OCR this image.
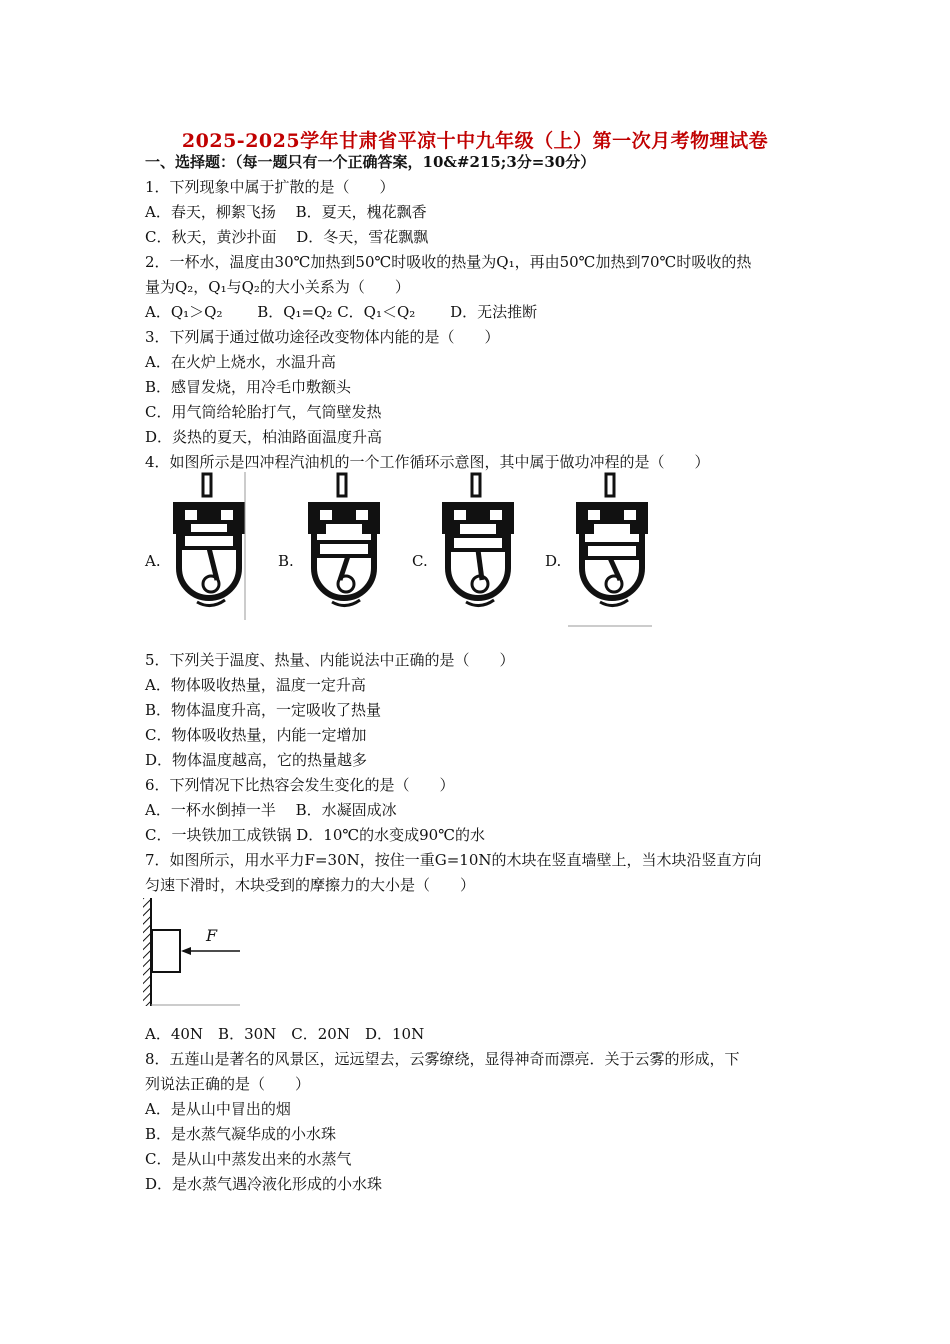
2025-2025学年甘肃省平凉十中九年级（上）第一次月考物理试卷
一、选择题：（每一题只有一个正确答案，10&#215;3分=30分）
1．下列现象中属于扩散的是（　　）
A．春天，柳絮飞扬　 B．夏天，槐花飘香
C．秋天，黄沙扑面　 D．冬天，雪花飘飘
2．一杯水，温度由30℃加热到50℃时吸收的热量为Q₁，再由50℃加热到70℃时吸收的热
量为Q₂，Q₁与Q₂的大小关系为（　　）
A．Q₁＞Q₂　　 B．Q₁=Q₂ C．Q₁＜Q₂　　 D．无法推断
3．下列属于通过做功途径改变物体内能的是（　　）
A．在火炉上烧水，水温升高
B．感冒发烧，用冷毛巾敷额头
C．用气筒给轮胎打气，气筒壁发热
D．炎热的夏天，柏油路面温度升高
4．如图所示是四冲程汽油机的一个工作循环示意图，其中属于做功冲程的是（　　）
A.	B.	C.	D.
5．下列关于温度、热量、内能说法中正确的是（　　）
A．物体吸收热量，温度一定升高
B．物体温度升高，一定吸收了热量
C．物体吸收热量，内能一定增加
D．物体温度越高，它的热量越多
6．下列情况下比热容会发生变化的是（　　）
A．一杯水倒掉一半　 B．水凝固成冰
C．一块铁加工成铁锅 D．10℃的水变成90℃的水
7．如图所示，用水平力F=30N，按住一重G=10N的木块在竖直墙壁上，当木块沿竖直方向
匀速下滑时，木块受到的摩擦力的大小是（　　）
F
A．40N　B．30N　C．20N　D．10N
8．五莲山是著名的风景区，远远望去，云雾缭绕，显得神奇而漂亮．关于云雾的形成，下
列说法正确的是（　　）
A．是从山中冒出的烟
B．是水蒸气凝华成的小水珠
C．是从山中蒸发出来的水蒸气
D．是水蒸气遇冷液化形成的小水珠
